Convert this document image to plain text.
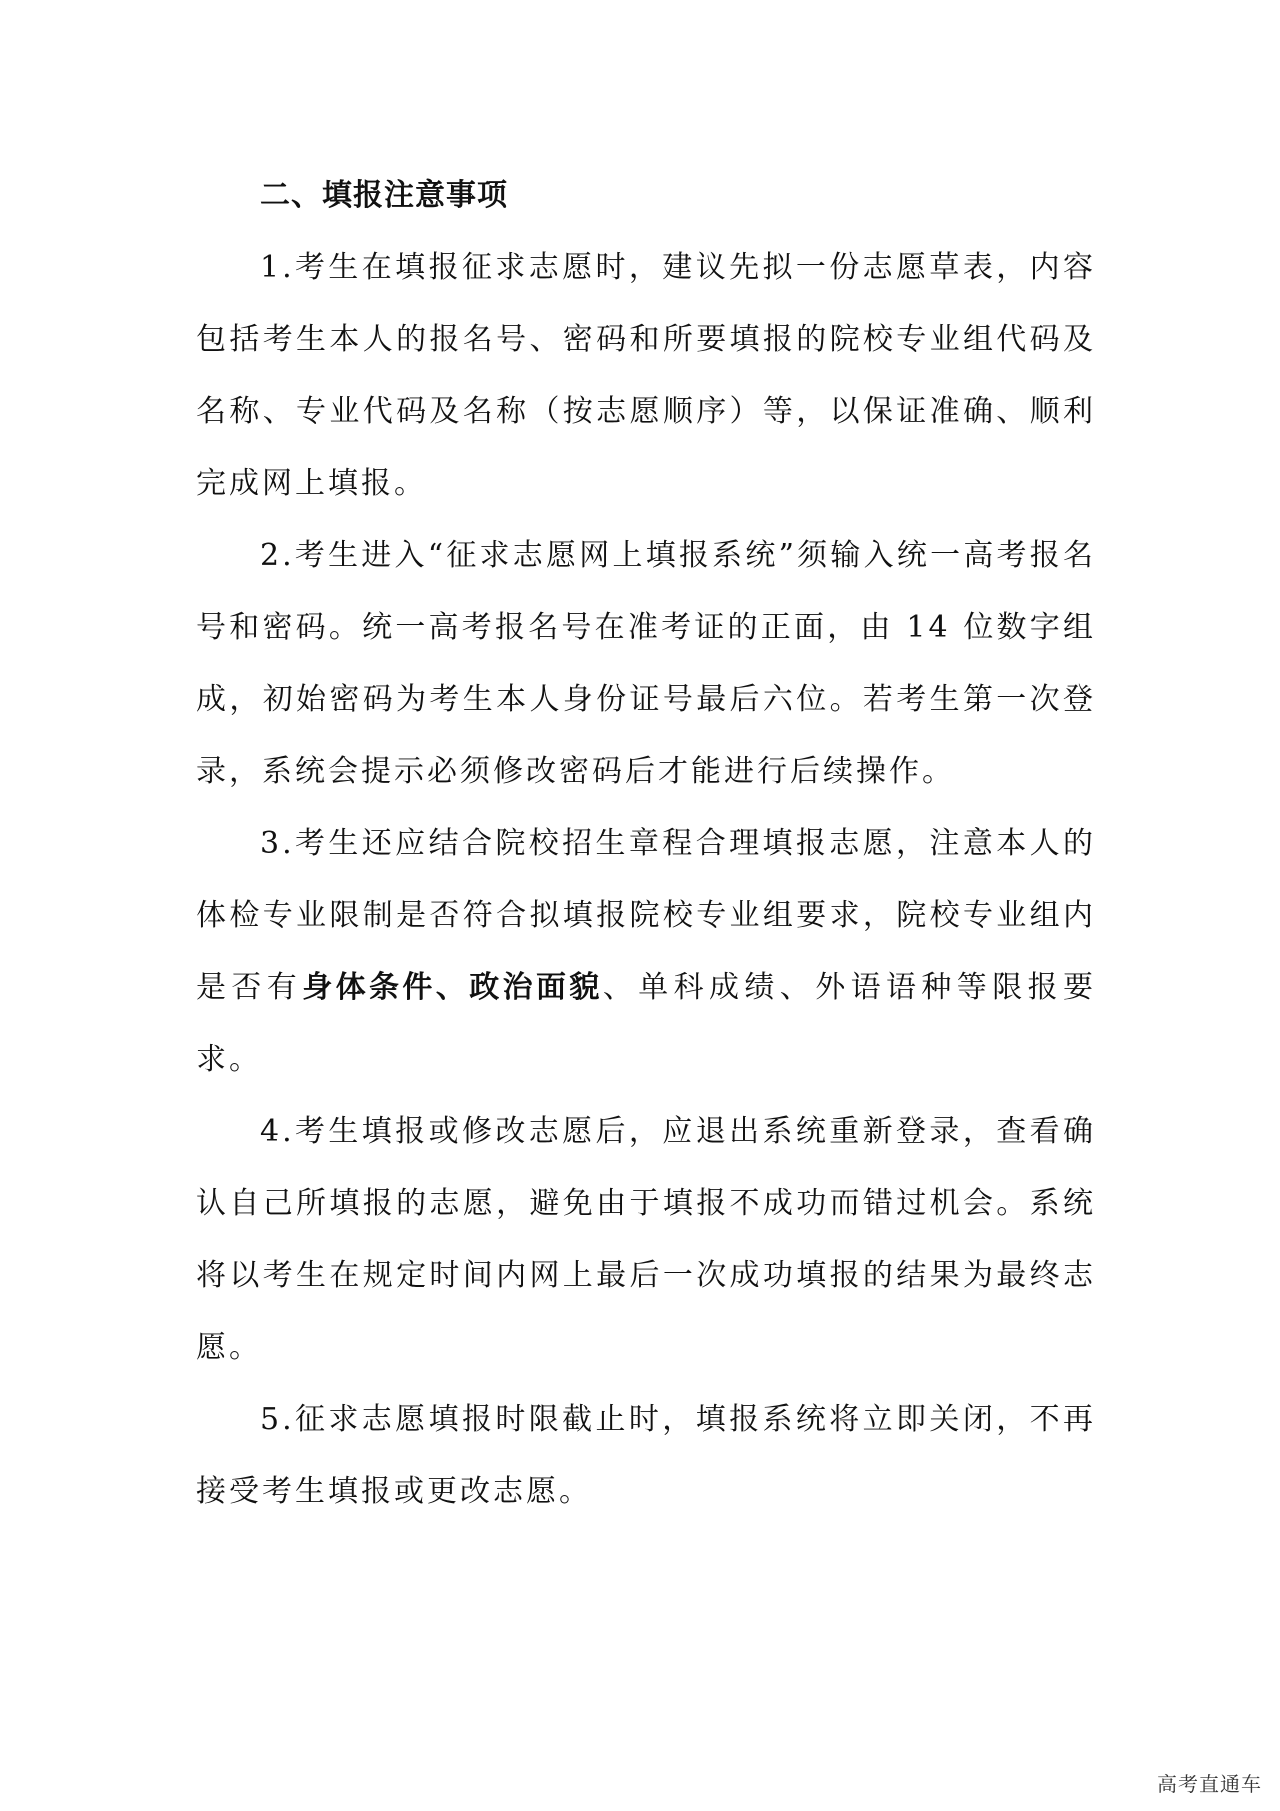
二、填报注意事项

1.考生在填报征求志愿时，建议先拟一份志愿草表，内容包括考生本人的报名号、密码和所要填报的院校专业组代码及名称、专业代码及名称（按志愿顺序）等，以保证准确、顺利完成网上填报。

2.考生进入“征求志愿网上填报系统”须输入统一高考报名号和密码。统一高考报名号在准考证的正面，由 14 位数字组成，初始密码为考生本人身份证号最后六位。若考生第一次登录，系统会提示必须修改密码后才能进行后续操作。

3.考生还应结合院校招生章程合理填报志愿，注意本人的体检专业限制是否符合拟填报院校专业组要求，院校专业组内是否有身体条件、政治面貌、单科成绩、外语语种等限报要求。

4.考生填报或修改志愿后，应退出系统重新登录，查看确认自己所填报的志愿，避免由于填报不成功而错过机会。系统将以考生在规定时间内网上最后一次成功填报的结果为最终志愿。

5.征求志愿填报时限截止时，填报系统将立即关闭，不再接受考生填报或更改志愿。

高考直通车
